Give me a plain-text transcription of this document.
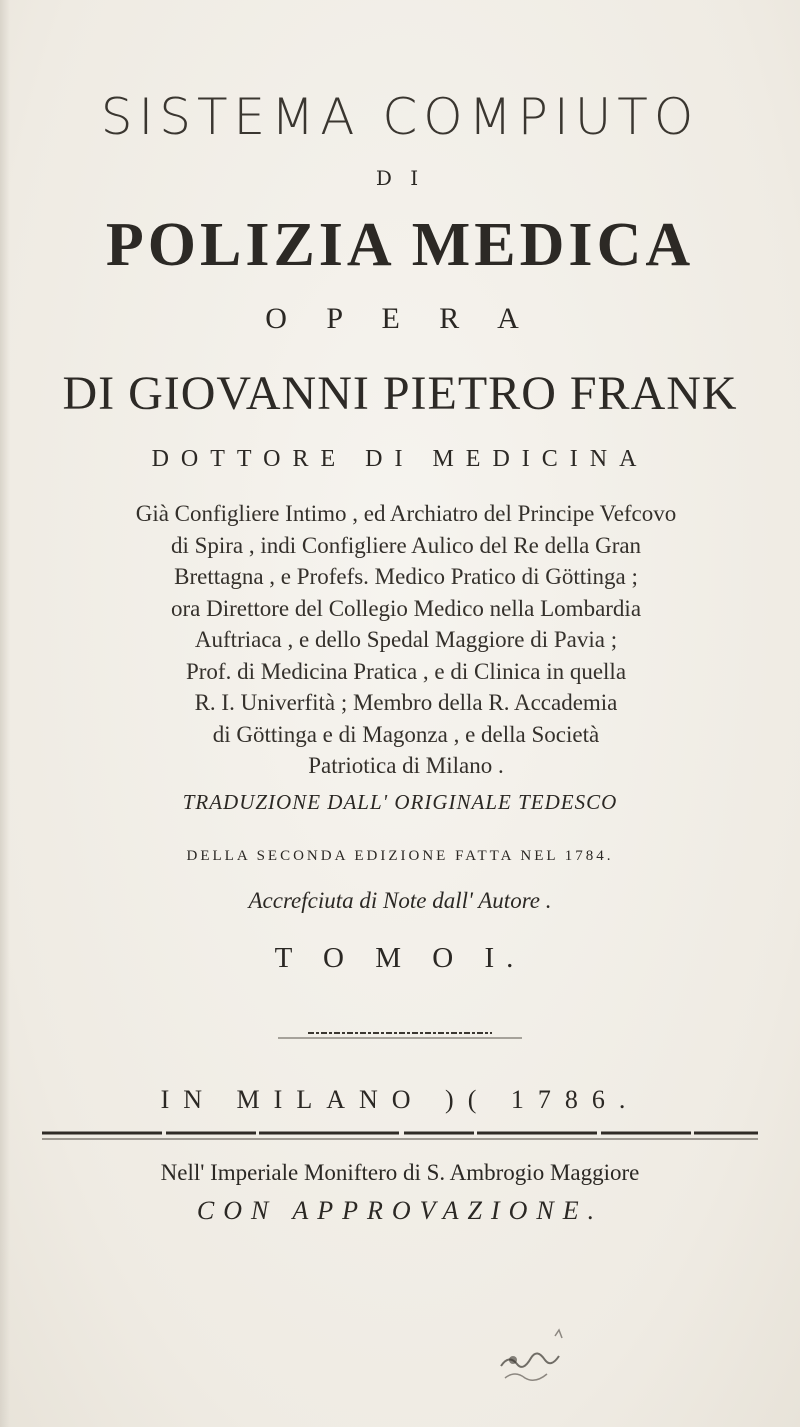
SISTEMA COMPIUTO
D I
POLIZIA MEDICA
O P E R A
DI GIOVANNI PIETRO FRANK
DOTTORE DI MEDICINA
Già Configliere Intimo , ed Archiatro del Principe Vefcovo
di Spira , indi Configliere Aulico del Re della Gran
Brettagna , e Profefs. Medico Pratico di Göttinga ;
ora Direttore del Collegio Medico nella Lombardia
Auftriaca , e dello Spedal Maggiore di Pavia ;
Prof. di Medicina Pratica , e di Clinica in quella
R. I. Univerfità ; Membro della R. Accademia
di Göttinga e di Magonza , e della Società
Patriotica di Milano .
TRADUZIONE DALL' ORIGINALE TEDESCO
DELLA SECONDA EDIZIONE FATTA NEL 1784.
Accrefciuta di Note dall' Autore .
T O M O I.
IN MILANO )( 1786.
Nell' Imperiale Moniftero di S. Ambrogio Maggiore
CON APPROVAZIONE.
